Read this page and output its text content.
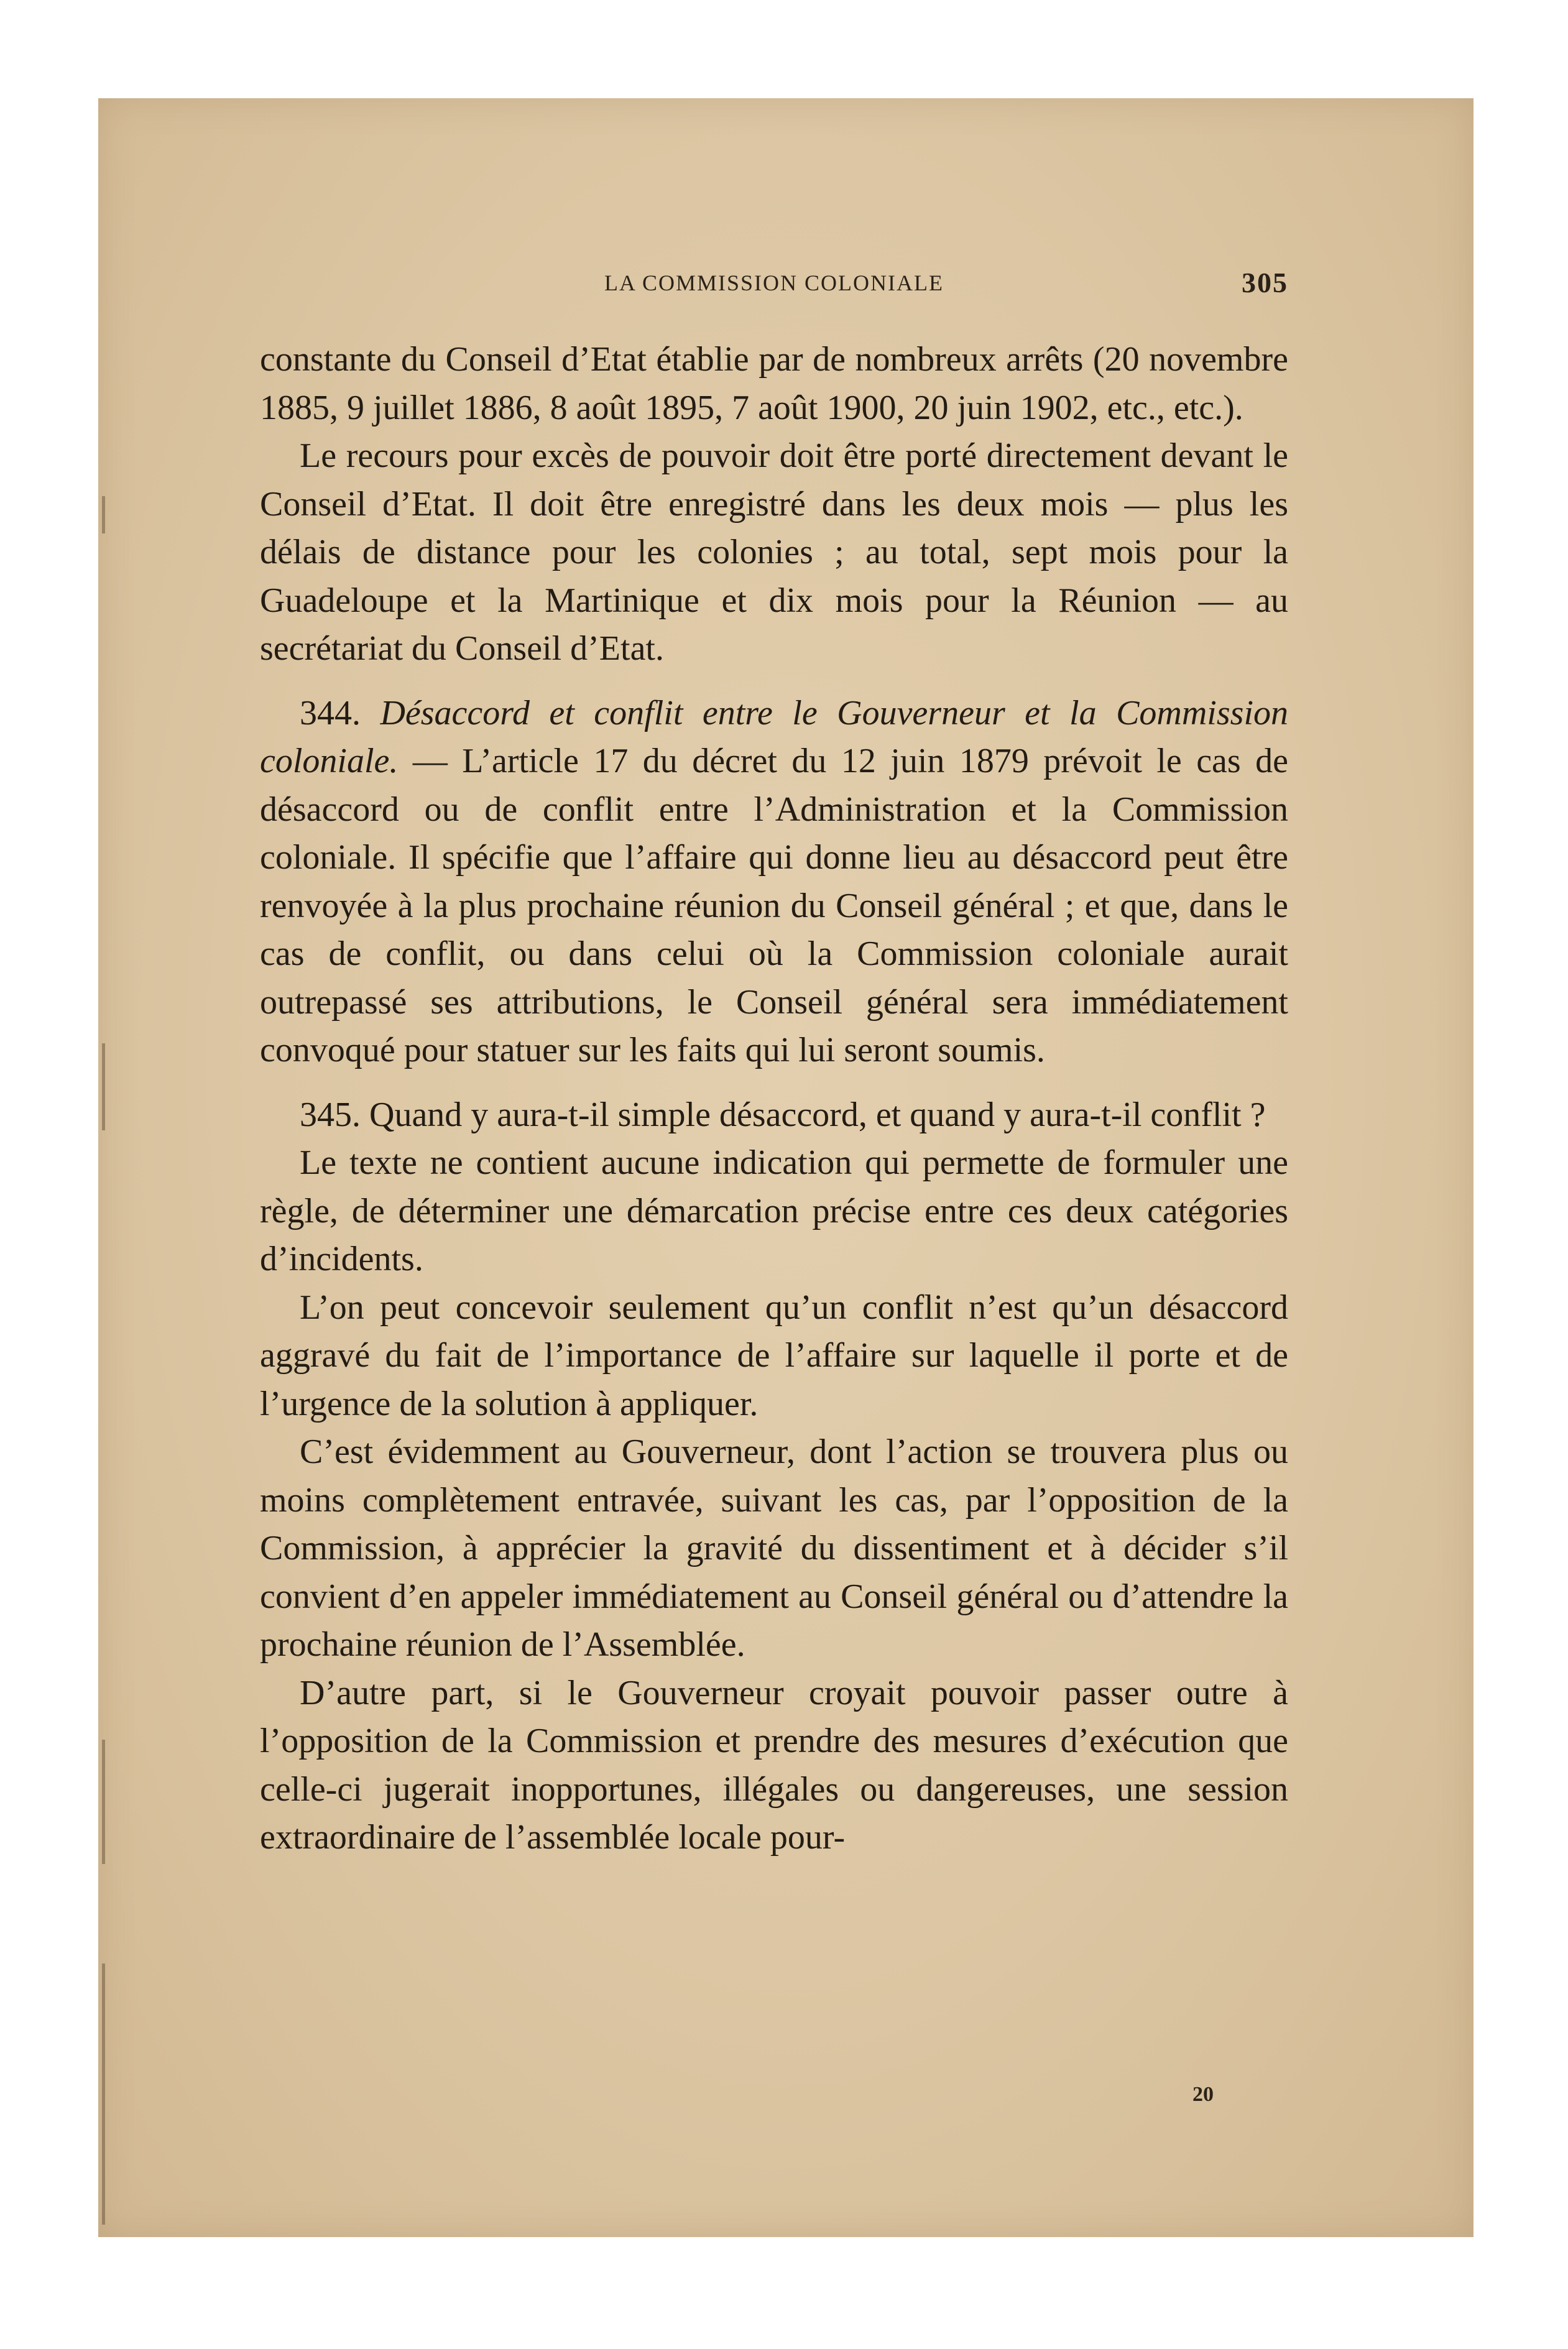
LA COMMISSION COLONIALE	305

constante du Conseil d’Etat établie par de nombreux arrêts (20 novembre 1885, 9 juillet 1886, 8 août 1895, 7 août 1900, 20 juin 1902, etc., etc.).

Le recours pour excès de pouvoir doit être porté directement devant le Conseil d’Etat. Il doit être enregistré dans les deux mois — plus les délais de distance pour les colonies ; au total, sept mois pour la Guadeloupe et la Martinique et dix mois pour la Réunion — au secrétariat du Conseil d’Etat.

344. Désaccord et conflit entre le Gouverneur et la Commission coloniale. — L’article 17 du décret du 12 juin 1879 prévoit le cas de désaccord ou de conflit entre l’Administration et la Commission coloniale. Il spécifie que l’affaire qui donne lieu au désaccord peut être renvoyée à la plus prochaine réunion du Conseil général ; et que, dans le cas de conflit, ou dans celui où la Commission coloniale aurait outrepassé ses attributions, le Conseil général sera immédiatement convoqué pour statuer sur les faits qui lui seront soumis.

345. Quand y aura-t-il simple désaccord, et quand y aura-t-il conflit ?

Le texte ne contient aucune indication qui permette de formuler une règle, de déterminer une démarcation précise entre ces deux catégories d’incidents.

L’on peut concevoir seulement qu’un conflit n’est qu’un désaccord aggravé du fait de l’importance de l’affaire sur laquelle il porte et de l’urgence de la solution à appliquer.

C’est évidemment au Gouverneur, dont l’action se trouvera plus ou moins complètement entravée, suivant les cas, par l’opposition de la Commission, à apprécier la gravité du dissentiment et à décider s’il convient d’en appeler immédiatement au Conseil général ou d’attendre la prochaine réunion de l’Assemblée.

D’autre part, si le Gouverneur croyait pouvoir passer outre à l’opposition de la Commission et prendre des mesures d’exécution que celle-ci jugerait inopportunes, illégales ou dangereuses, une session extraordinaire de l’assemblée locale pour-

20
